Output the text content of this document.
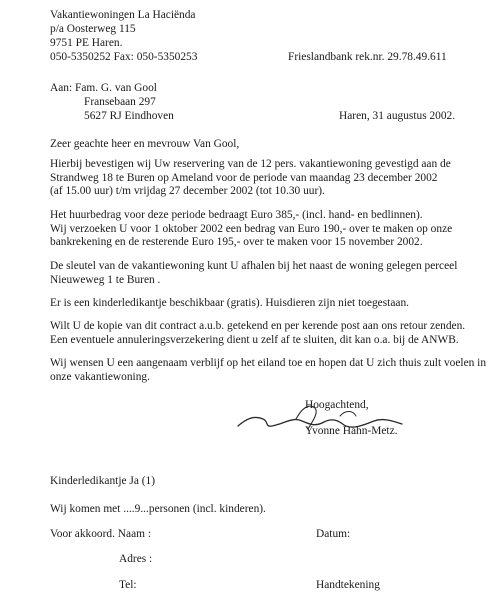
Vakantiewoningen La Haciënda
p/a Oosterweg 115
9751 PE Haren.
050-5350252 Fax: 050-5350253	Frieslandbank rek.nr. 29.78.49.611
Aan: Fam. G. van Gool
Fransebaan 297
5627 RJ Eindhoven	Haren, 31 augustus 2002.
Zeer geachte heer en mevrouw Van Gool,
Hierbij bevestigen wij Uw reservering van de 12 pers. vakantiewoning gevestigd aan de
Strandweg 18 te Buren op Ameland voor de periode van maandag 23 december 2002
(af 15.00 uur) t/m vrijdag 27 december 2002 (tot 10.30 uur).
Het huurbedrag voor deze periode bedraagt Euro 385,- (incl. hand- en bedlinnen).
Wij verzoeken U voor 1 oktober 2002 een bedrag van Euro 190,- over te maken op onze
bankrekening en de resterende Euro 195,- over te maken voor 15 november 2002.
De sleutel van de vakantiewoning kunt U afhalen bij het naast de woning gelegen perceel
Nieuweweg 1 te Buren .
Er is een kinderledikantje beschikbaar (gratis). Huisdieren zijn niet toegestaan.
Wilt U de kopie van dit contract a.u.b. getekend en per kerende post aan ons retour zenden.
Een eventuele annuleringsverzekering dient u zelf af te sluiten, dit kan o.a. bij de ANWB.
Wij wensen U een aangenaam verblijf op het eiland toe en hopen dat U zich thuis zult voelen in
onze vakantiewoning.
Hoogachtend,
Yvonne Hahn-Metz.
Kinderledikantje Ja (1)
Wij komen met ....9...personen (incl. kinderen).
Voor akkoord. Naam :	Datum:
Adres :
Tel:	Handtekening
